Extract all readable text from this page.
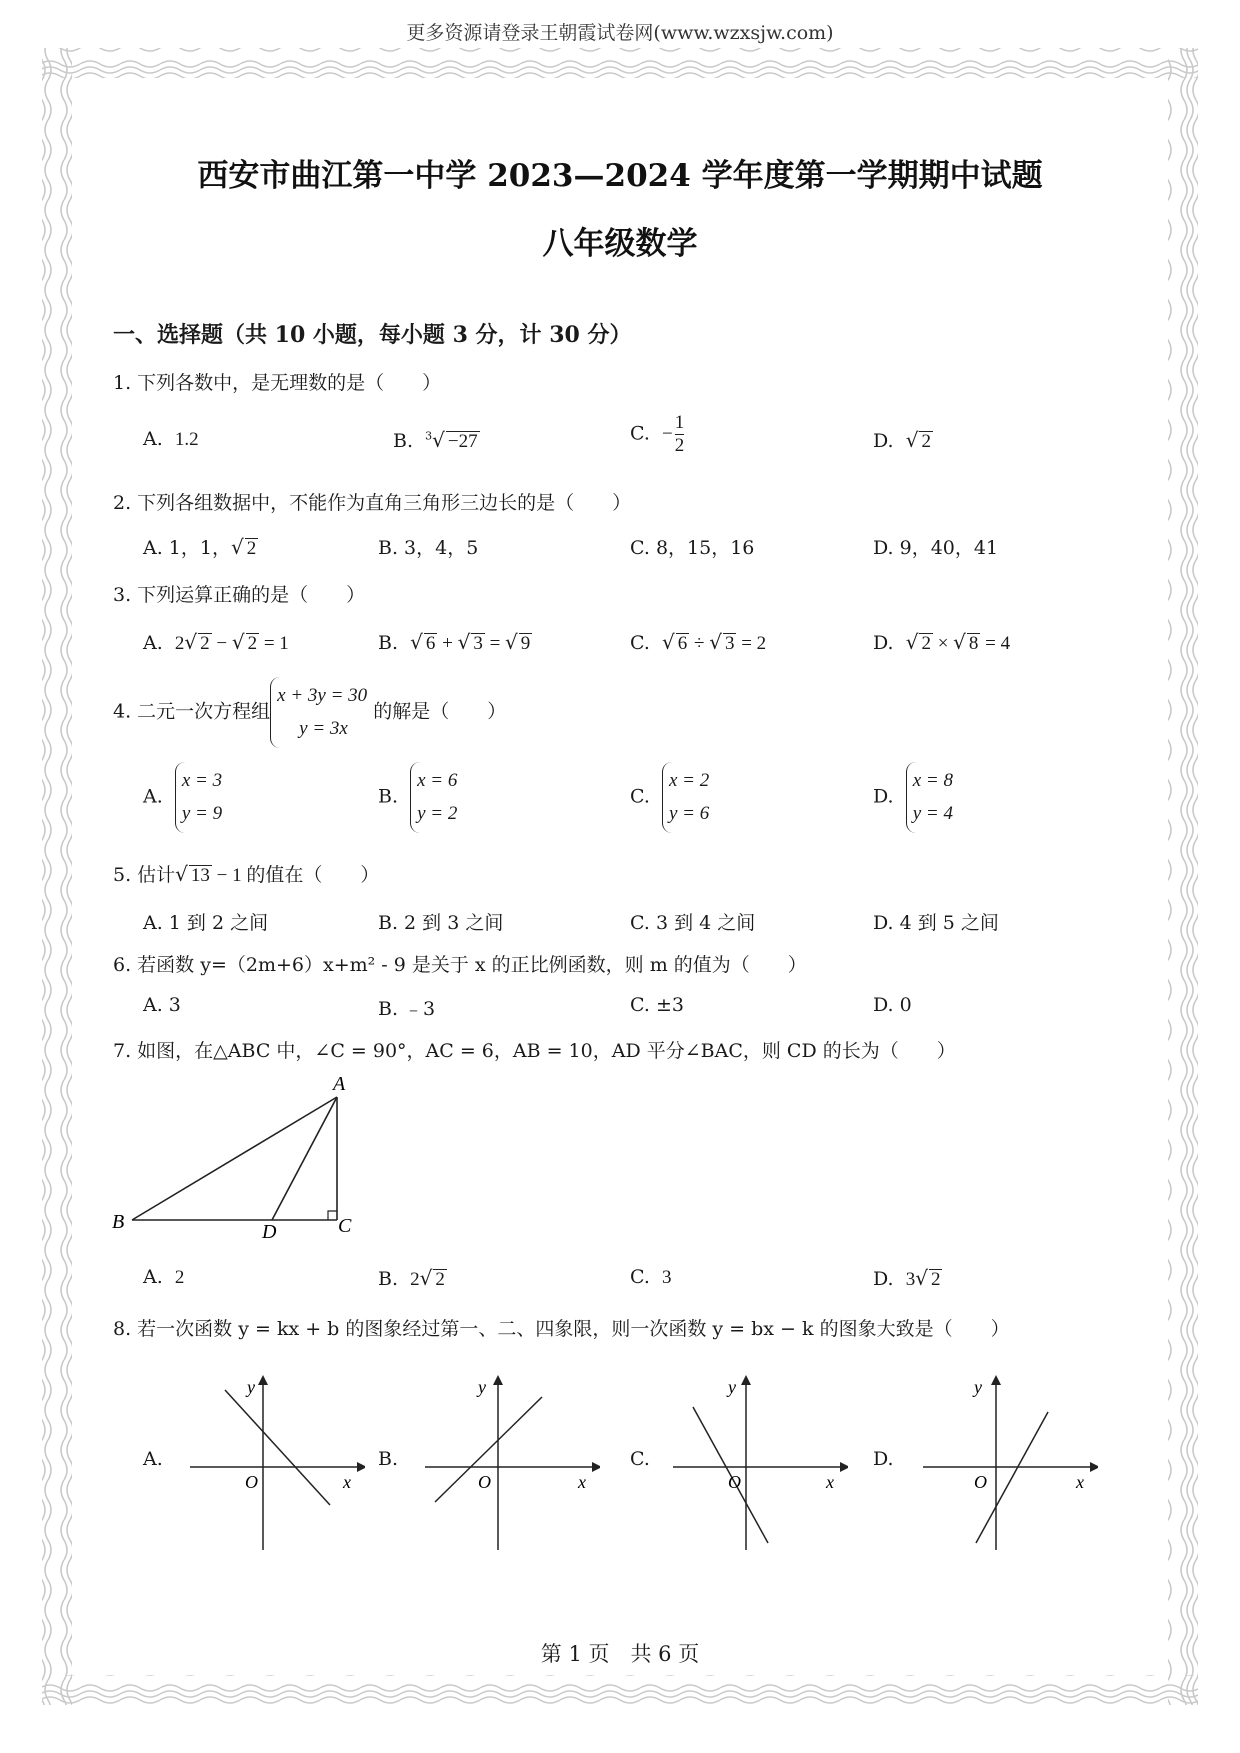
更多资源请登录王朝霞试卷网(www.wzxsjw.com)
西安市曲江第一中学 2023—2024 学年度第一学期期中试题
八年级数学
一、选择题（共 10 小题，每小题 3 分，计 30 分）
1. 下列各数中，是无理数的是（　　）
A. 1.2	B. $^3$√ −27	C. − $\frac{1}{2}$	D. √ 2
2. 下列各组数据中，不能作为直角三角形三边长的是（　　）
A. 1，1，√ 2	B. 3，4，5	C. 8，15，16	D. 9，40，41
3. 下列运算正确的是（　　）
A. 2√ 2 − √ 2 = 1	B. √ 6 + √ 3 = √ 9	C. √ 6 ÷ √ 3 = 2	D. √ 2 × √ 8 = 4
4. 二元一次方程组
x + 3y = 30
y = 3x
的解是（　　）
A.
x = 3
y = 9
B.
x = 6
y = 2
C.
x = 2
y = 6
D.
x = 8
y = 4
5. 估计√ 13 − 1 的值在（　　）
A. 1 到 2 之间	B. 2 到 3 之间	C. 3 到 4 之间	D. 4 到 5 之间
6. 若函数 y=（2m+6）x+m² - 9 是关于 x 的正比例函数，则 m 的值为（　　）
A. 3	B. ﹣3	C. ±3	D. 0
7. 如图，在△ABC 中，∠C = 90°，AC = 6，AB = 10，AD 平分∠BAC，则 CD 的长为（　　）
A
B	C
D
A. 2	B. 2√ 2	C. 3	D. 3√ 2
8. 若一次函数 y = kx + b 的图象经过第一、二、四象限，则一次函数 y = bx − k 的图象大致是（　　）
A.
y
x
O
B.
y
x
O
C.
y
x
O
D.
y
x
O
第 1 页　共 6 页
